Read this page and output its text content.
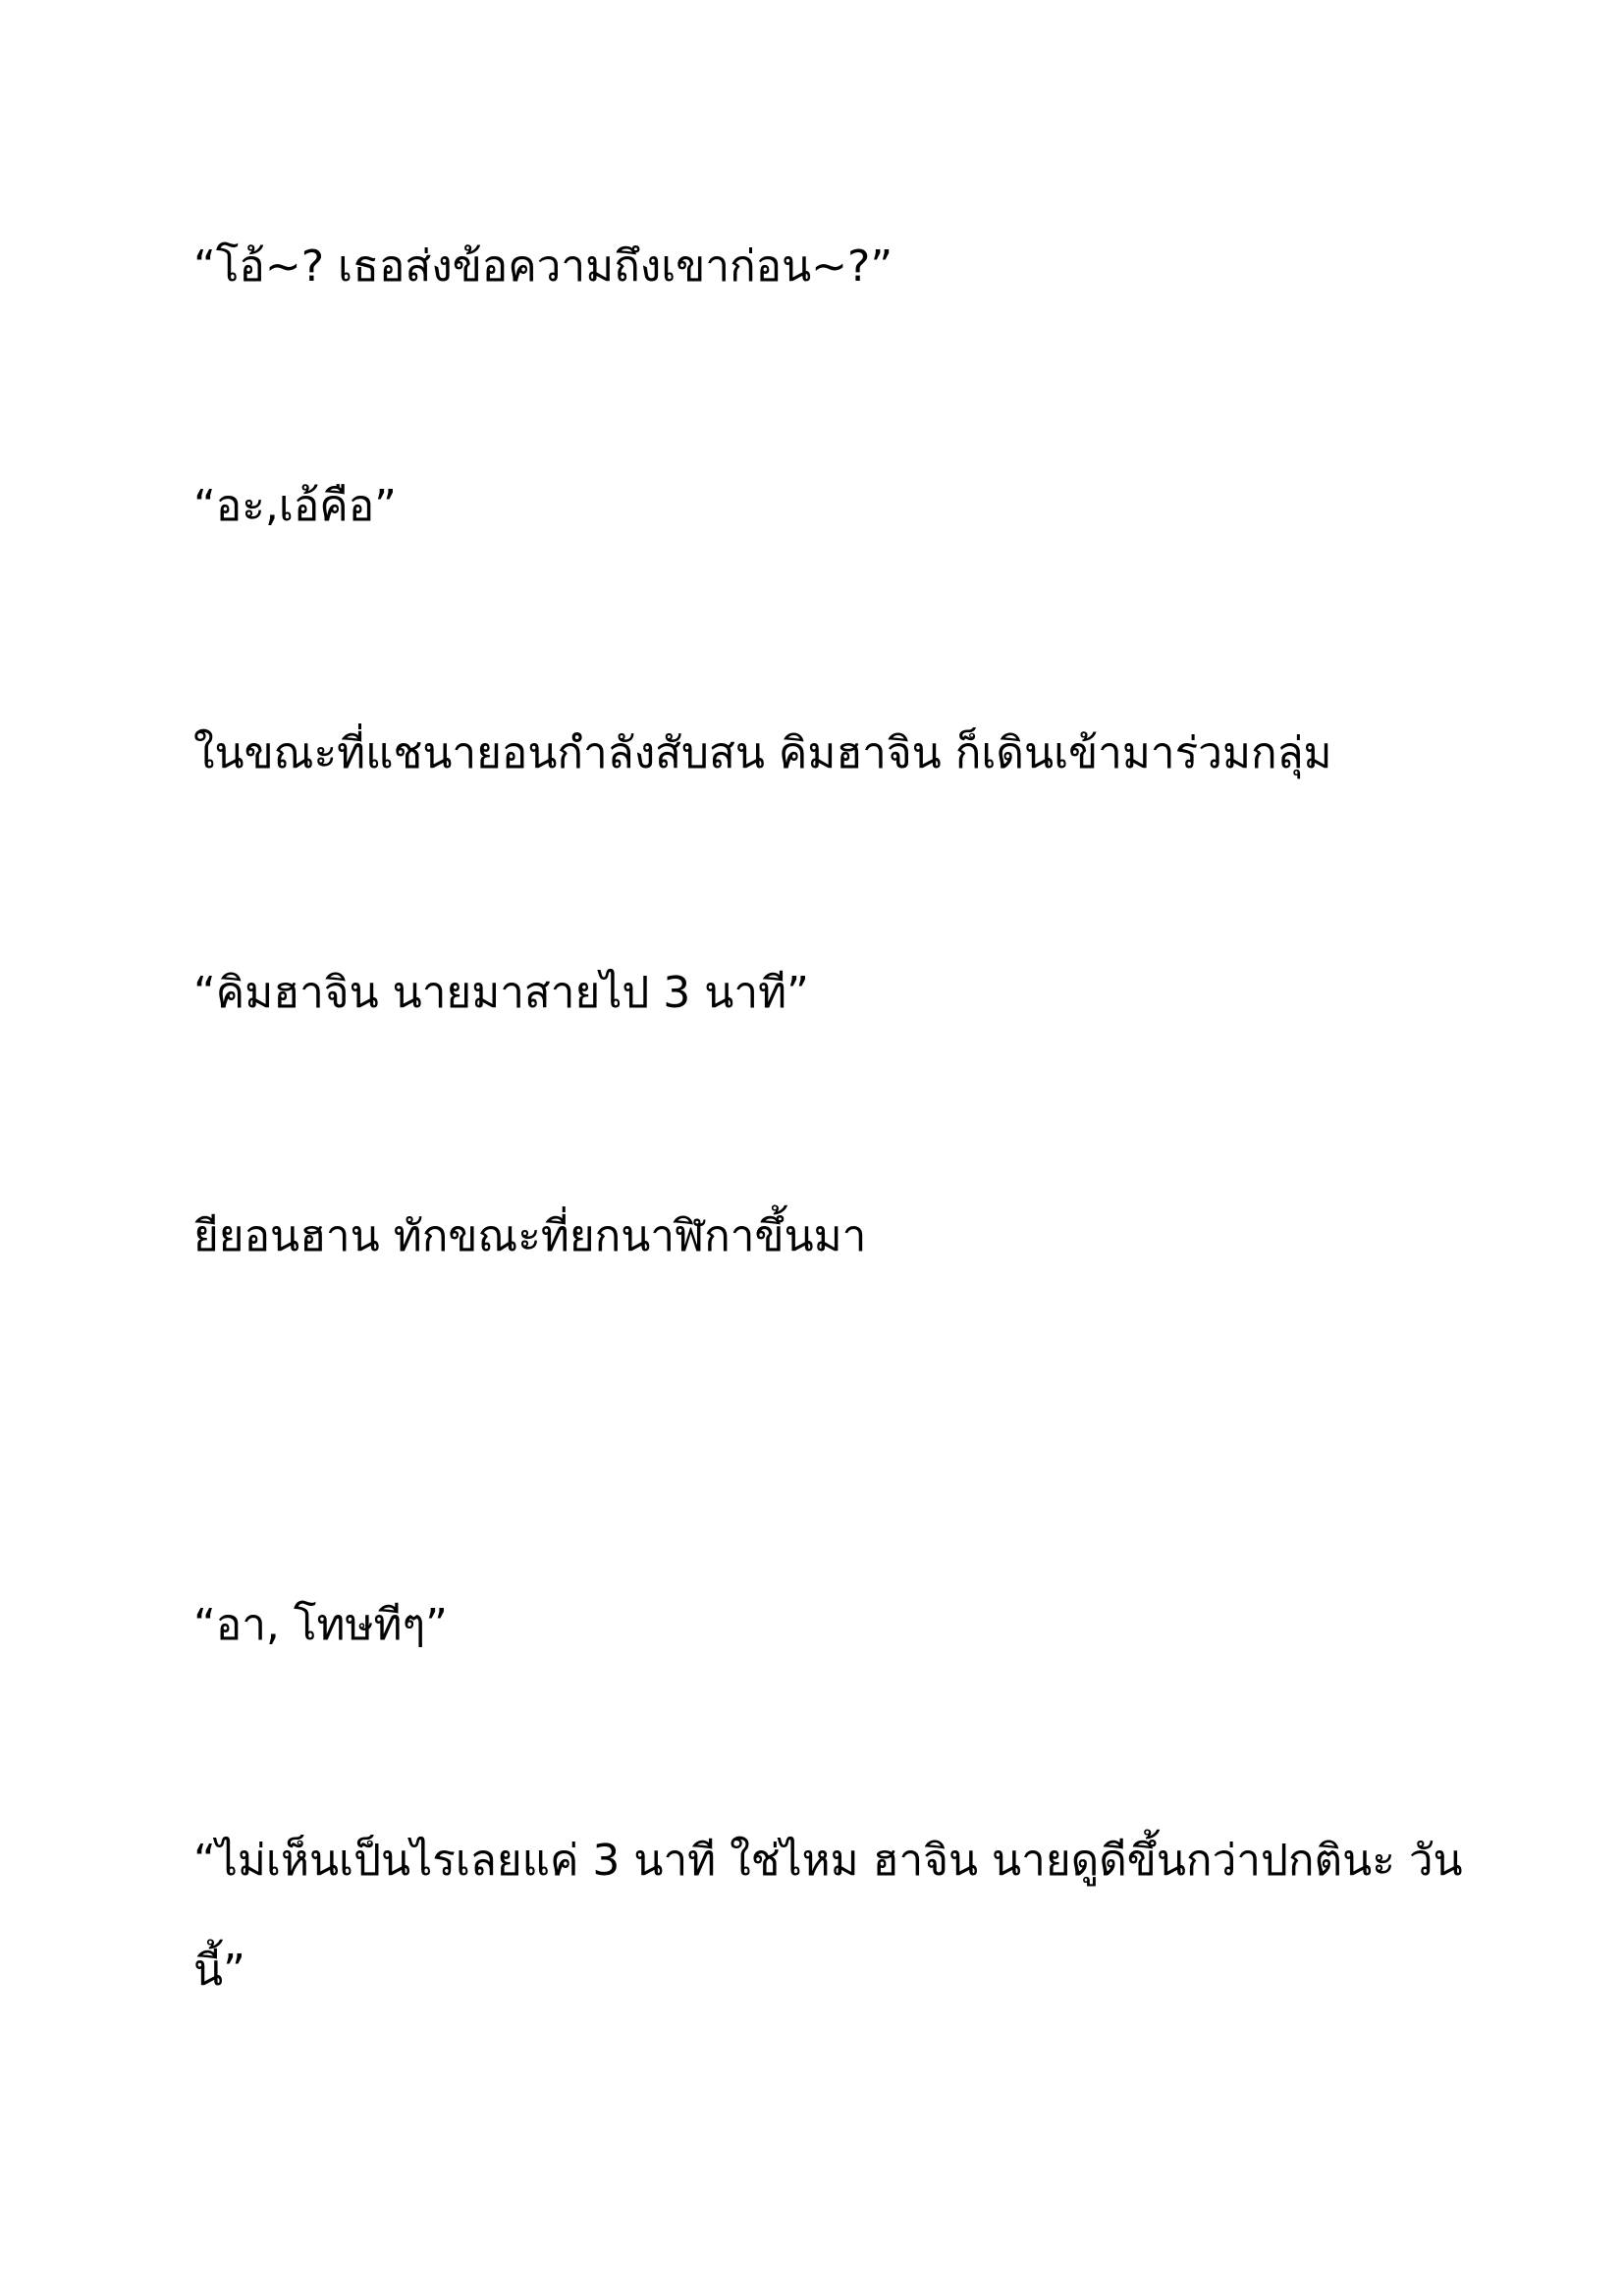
“โอ้~? เธอส่งข้อความถึงเขาก่อน~?”

“อะ,เอ้คือ”

ในขณะที่แชนายอนกำลังสับสน คิมฮาจิน ก็เดินเข้ามาร่วมกลุ่ม

“คิมฮาจิน นายมาสายไป 3 นาที”

ยียอนฮาน ทักขณะที่ยกนาฬิกาขึ้นมา

“อา, โทษทีๆ”

“ไม่เห็นเป็นไรเลยแค่ 3 นาที ใช่ไหม ฮาจิน นายดูดีขึ้นกว่าปกตินะ วันนี้”
